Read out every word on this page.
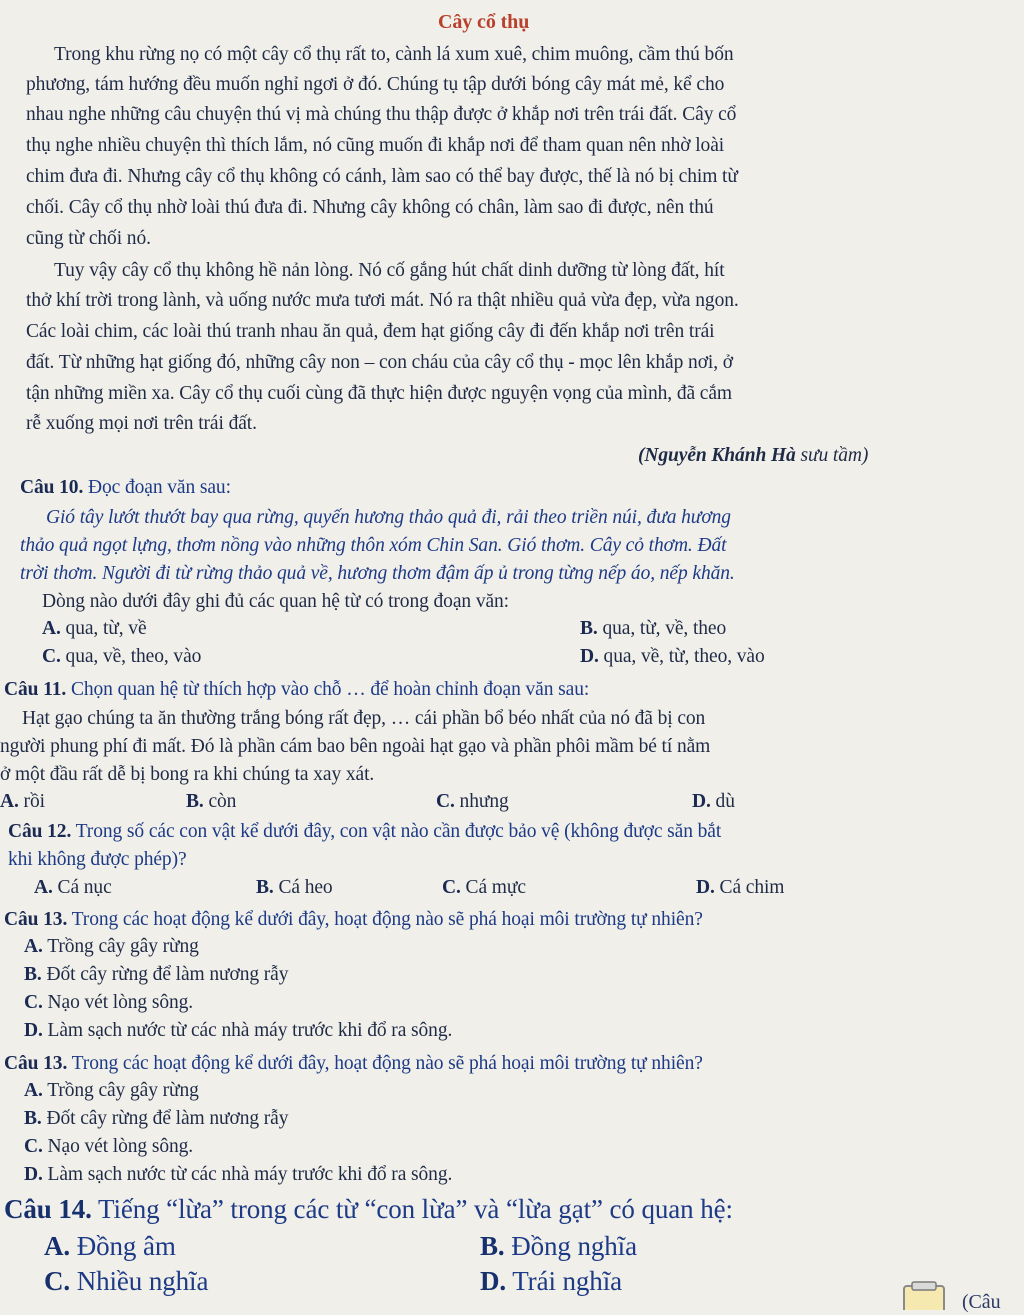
Cây cổ thụ
Trong khu rừng nọ có một cây cổ thụ rất to, cành lá xum xuê, chim muông, cầm thú bốn
phương, tám hướng đều muốn nghỉ ngơi ở đó. Chúng tụ tập dưới bóng cây mát mẻ, kể cho
nhau nghe những câu chuyện thú vị mà chúng thu thập được ở khắp nơi trên trái đất. Cây cổ
thụ nghe nhiều chuyện thì thích lắm, nó cũng muốn đi khắp nơi để tham quan nên nhờ loài
chim đưa đi. Nhưng cây cổ thụ không có cánh, làm sao có thể bay được, thế là nó bị chim từ
chối. Cây cổ thụ nhờ loài thú đưa đi. Nhưng cây không có chân, làm sao đi được, nên thú
cũng từ chối nó.
Tuy vậy cây cổ thụ không hề nản lòng. Nó cố gắng hút chất dinh dưỡng từ lòng đất, hít
thở khí trời trong lành, và uống nước mưa tươi mát. Nó ra thật nhiều quả vừa đẹp, vừa ngon.
Các loài chim, các loài thú tranh nhau ăn quả, đem hạt giống cây đi đến khắp nơi trên trái
đất. Từ những hạt giống đó, những cây non – con cháu của cây cổ thụ - mọc lên khắp nơi, ở
tận những miền xa. Cây cổ thụ cuối cùng đã thực hiện được nguyện vọng của mình, đã cắm
rễ xuống mọi nơi trên trái đất.
(Nguyễn Khánh Hà sưu tầm)
Câu 10. Đọc đoạn văn sau:
Gió tây lướt thướt bay qua rừng, quyến hương thảo quả đi, rải theo triền núi, đưa hương
thảo quả ngọt lựng, thơm nồng vào những thôn xóm Chin San. Gió thơm. Cây cỏ thơm. Đất
trời thơm. Người đi từ rừng thảo quả về, hương thơm đậm ấp ủ trong từng nếp áo, nếp khăn.
Dòng nào dưới đây ghi đủ các quan hệ từ có trong đoạn văn:
A. qua, từ, về	B. qua, từ, về, theo
C. qua, về, theo, vào	D. qua, về, từ, theo, vào
Câu 11. Chọn quan hệ từ thích hợp vào chỗ … để hoàn chỉnh đoạn văn sau:
Hạt gạo chúng ta ăn thường trắng bóng rất đẹp, … cái phần bổ béo nhất của nó đã bị con
người phung phí đi mất. Đó là phần cám bao bên ngoài hạt gạo và phần phôi mầm bé tí nằm
ở một đầu rất dễ bị bong ra khi chúng ta xay xát.
A. rồi	B. còn	C. nhưng	D. dù
Câu 12. Trong số các con vật kể dưới đây, con vật nào cần được bảo vệ (không được săn bắt
khi không được phép)?
A. Cá nục	B. Cá heo	C. Cá mực	D. Cá chim
Câu 13. Trong các hoạt động kể dưới đây, hoạt động nào sẽ phá hoại môi trường tự nhiên?
A. Trồng cây gây rừng
B. Đốt cây rừng để làm nương rẫy
C. Nạo vét lòng sông.
D. Làm sạch nước từ các nhà máy trước khi đổ ra sông.
Câu 13. Trong các hoạt động kể dưới đây, hoạt động nào sẽ phá hoại môi trường tự nhiên?
A. Trồng cây gây rừng
B. Đốt cây rừng để làm nương rẫy
C. Nạo vét lòng sông.
D. Làm sạch nước từ các nhà máy trước khi đổ ra sông.
Câu 14. Tiếng “lừa” trong các từ “con lừa” và “lừa gạt” có quan hệ:
A. Đồng âm	B. Đồng nghĩa
C. Nhiều nghĩa	D. Trái nghĩa
(Câu
